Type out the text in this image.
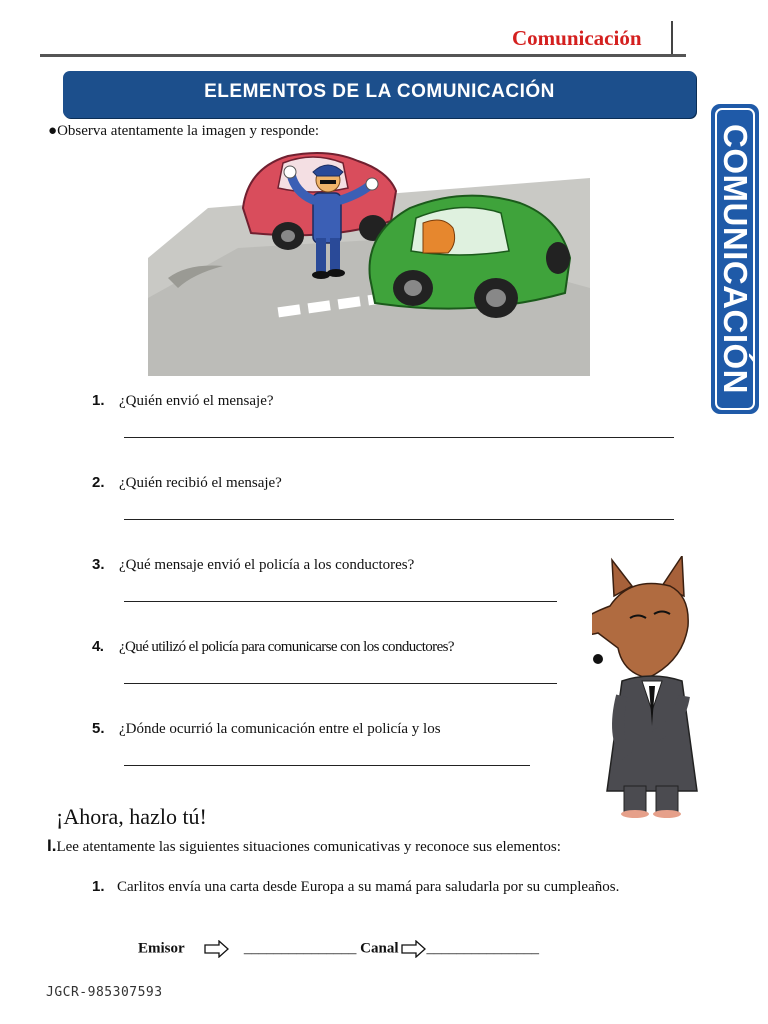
Comunicación
ELEMENTOS DE LA COMUNICACIÓN
COMUNICACIÓN
●Observa atentamente la imagen y responde:
1. ¿Quién envió el mensaje?
2. ¿Quién recibió el mensaje?
3. ¿Qué mensaje envió el policía a los conductores?
4. ¿Qué utilizó el policía para comunicarse con los conductores?
5. ¿Dónde ocurrió la comunicación entre el policía y los
¡Ahora, hazlo tú!
I.Lee atentamente las siguientes situaciones comunicativas y reconoce sus elementos:
1. Carlitos envía una carta desde Europa a su mamá para saludarla por su cumpleaños.
Emisor	_______________ Canal _______________
JGCR-985307593
